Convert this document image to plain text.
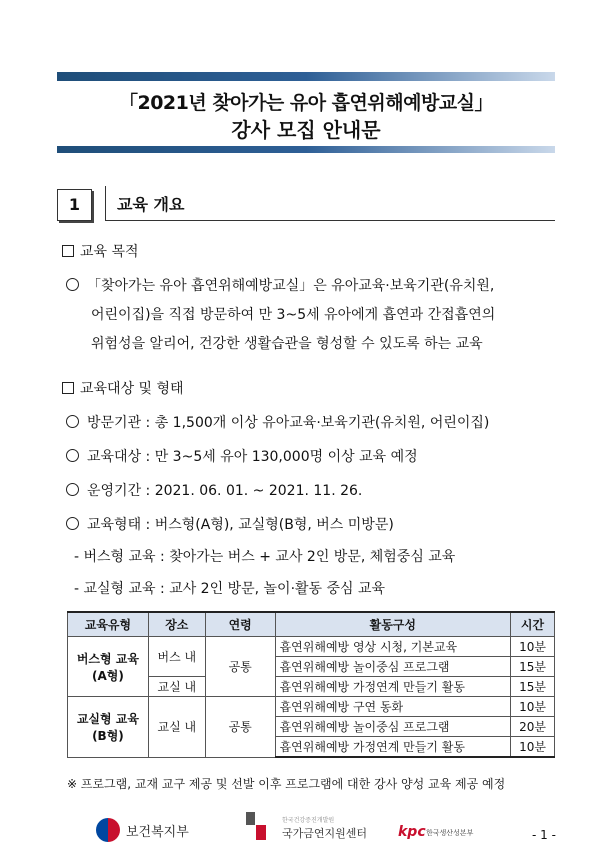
「2021년 찾아가는 유아 흡연위해예방교실」
강사 모집 안내문
1	교육 개요
교육 목적
「찾아가는 유아 흡연위해예방교실」은 유아교육·보육기관(유치원,
어린이집)을 직접 방문하여 만 3~5세 유아에게 흡연과 간접흡연의
위험성을 알리어, 건강한 생활습관을 형성할 수 있도록 하는 교육
교육대상 및 형태
방문기관 : 총 1,500개 이상 유아교육·보육기관(유치원, 어린이집)
교육대상 : 만 3~5세 유아 130,000명 이상 교육 예정
운영기간 : 2021. 06. 01. ~ 2021. 11. 26.
교육형태 : 버스형(A형), 교실형(B형, 버스 미방문)
- 버스형 교육 : 찾아가는 버스 + 교사 2인 방문, 체험중심 교육
- 교실형 교육 : 교사 2인 방문, 놀이·활동 중심 교육
교육유형	장소	연령	활동구성	시간

버스형 교육
(A형)	버스 내	공통	흡연위해예방 영상 시청, 기본교육	10분
			흡연위해예방 놀이중심 프로그램	15분
	교실 내		흡연위해예방 가정연계 만들기 활동	15분

교실형 교육
(B형)	교실 내	공통	흡연위해예방 구연 동화	10분
			흡연위해예방 놀이중심 프로그램	20분
			흡연위해예방 가정연계 만들기 활동	10분
※ 프로그램, 교재 교구 제공 및 선발 이후 프로그램에 대한 강사 양성 교육 제공 예정
보건복지부
한국건강증진개발원
국가금연지원센터 kpc 한국생산성본부	- 1 -
